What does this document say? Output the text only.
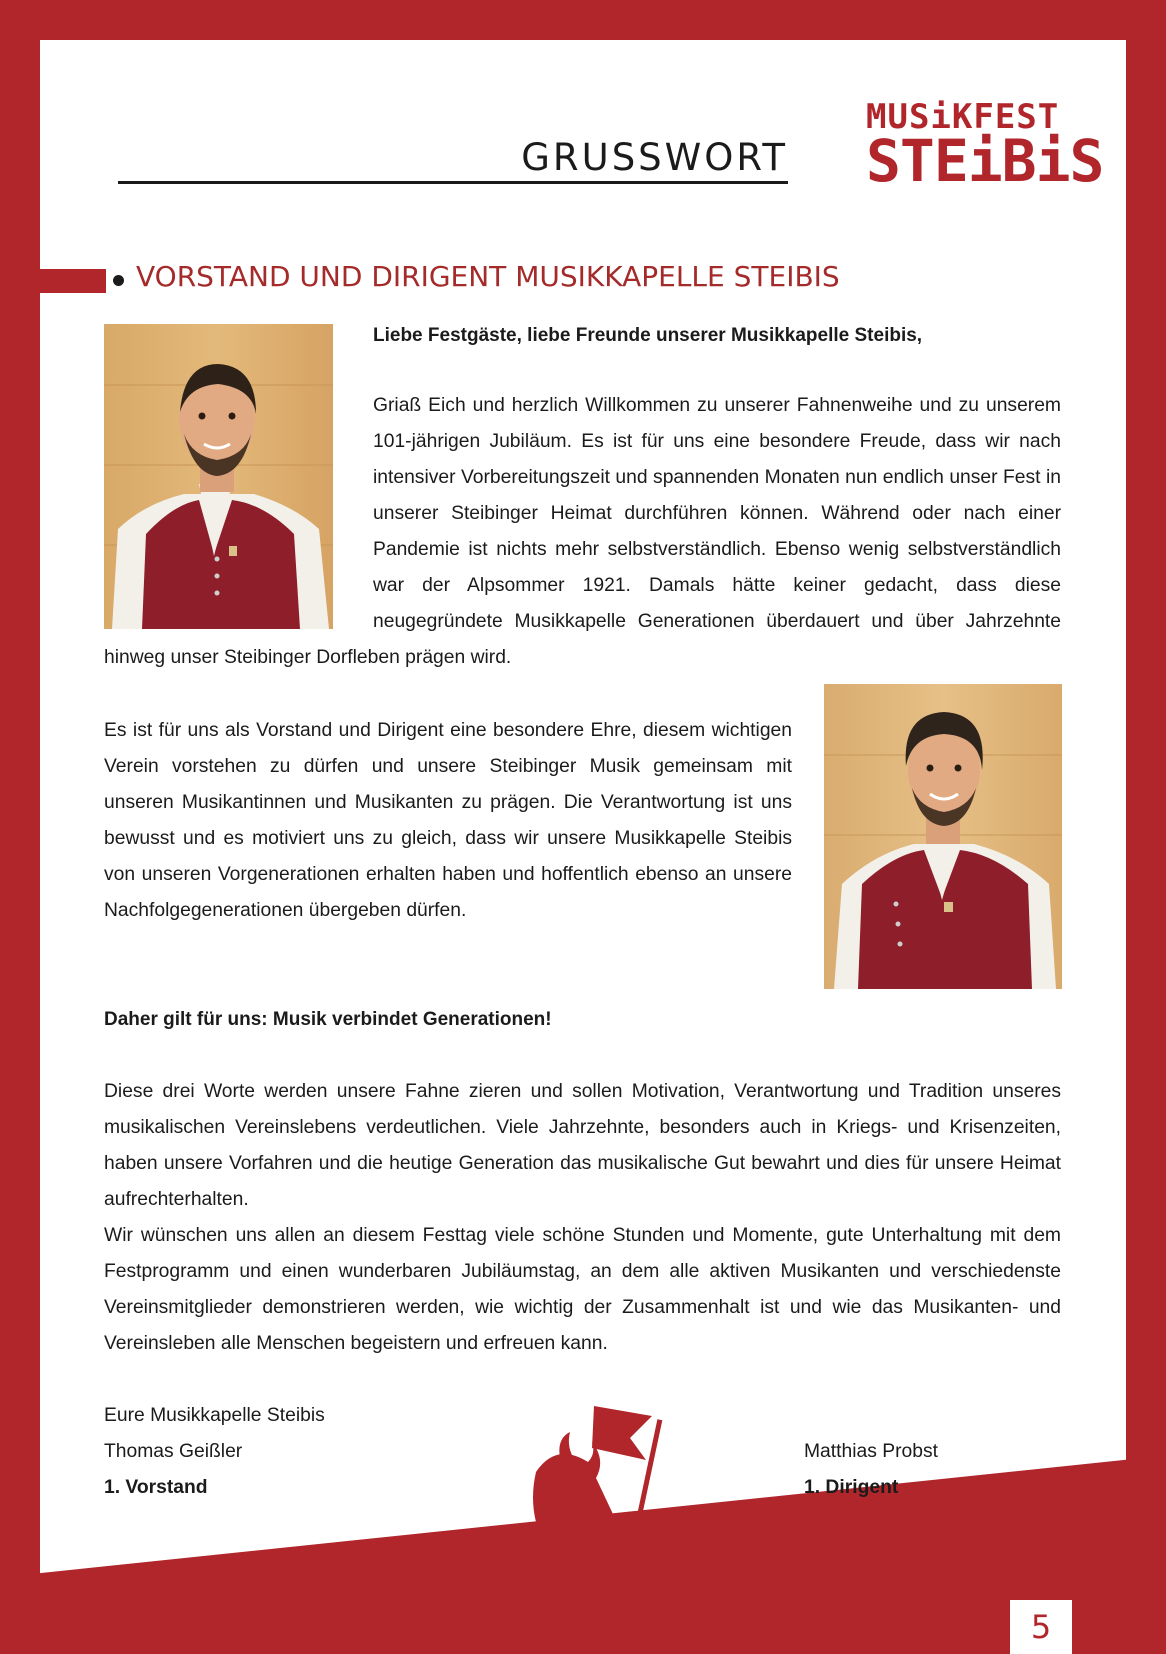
GRUSSWORT
MUSiKFEST
STEiBiS
VORSTAND UND DIRIGENT MUSIKKAPELLE STEIBIS
Liebe Festgäste, liebe Freunde unserer Musikkapelle Steibis,
Griaß Eich und herzlich Willkommen zu unserer Fahnenweihe und zu unserem 101-jährigen Jubiläum. Es ist für uns eine besondere Freude, dass wir nach intensiver Vorbereitungszeit und spannenden Monaten nun endlich unser Fest in unserer Steibinger Heimat durchführen können. Während oder nach einer Pandemie ist nichts mehr selbstverständlich. Ebenso wenig selbstverständlich war der Alpsommer 1921. Damals hätte keiner gedacht, dass diese neugegründete Musikkapelle Generationen überdauert und über Jahrzehnte hinweg unser Steibinger Dorfleben prägen wird.
Es ist für uns als Vorstand und Dirigent eine besondere Ehre, diesem wichtigen Verein vorstehen zu dürfen und unsere Steibinger Musik gemeinsam mit unseren Musikantinnen und Musikanten zu prägen. Die Verantwortung ist uns bewusst und es motiviert uns zu gleich, dass wir unsere Musikkapelle Steibis von unseren Vorgenerationen erhalten haben und hoffentlich ebenso an unsere Nachfolgegenerationen übergeben dürfen.
Daher gilt für uns: Musik verbindet Generationen!

Diese drei Worte werden unsere Fahne zieren und sollen Motivation, Verantwortung und Tradition unseres musikalischen Vereinslebens verdeutlichen. Viele Jahrzehnte, besonders auch in Kriegs- und Krisenzeiten, haben unsere Vorfahren und die heutige Generation das musikalische Gut bewahrt und dies für unsere Heimat aufrechterhalten.

Wir wünschen uns allen an diesem Festtag viele schöne Stunden und Momente, gute Unterhaltung mit dem Festprogramm und einen wunderbaren Jubiläumstag, an dem alle aktiven Musikanten und verschiedenste Vereinsmitglieder demonstrieren werden, wie wichtig der Zusammenhalt ist und wie das Musikanten- und Vereinsleben alle Menschen begeistern und erfreuen kann.

Eure Musikkapelle Steibis
Thomas Geißler
1. Vorstand
Matthias Probst
1. Dirigent
5
